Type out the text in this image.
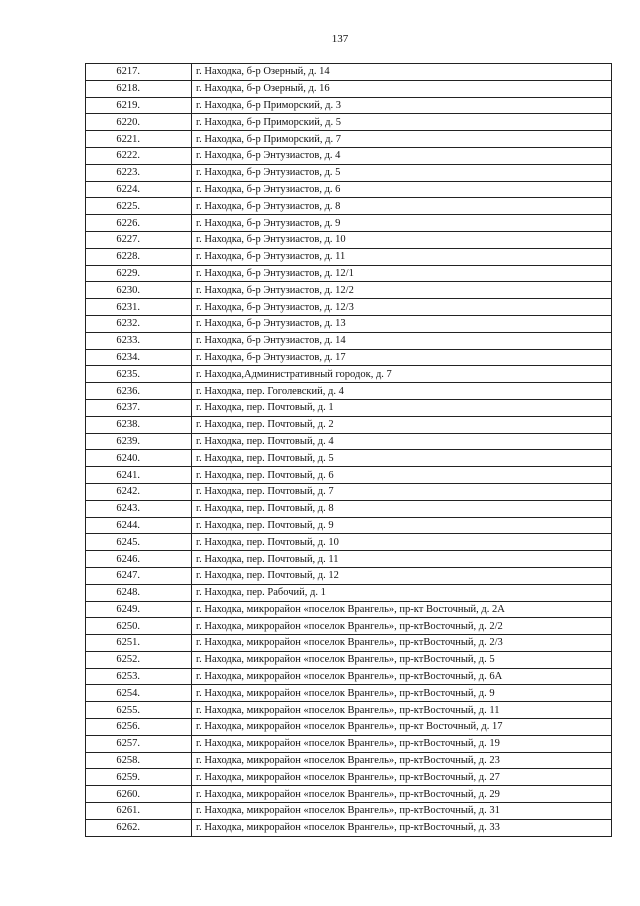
137
6217.	г. Находка, б-р Озерный, д. 14
6218.	г. Находка, б-р Озерный, д. 16
6219.	г. Находка, б-р Приморский, д. 3
6220.	г. Находка, б-р Приморский, д. 5
6221.	г. Находка, б-р Приморский, д. 7
6222.	г. Находка, б-р Энтузиастов, д. 4
6223.	г. Находка, б-р Энтузиастов, д. 5
6224.	г. Находка, б-р Энтузиастов, д. 6
6225.	г. Находка, б-р Энтузиастов, д. 8
6226.	г. Находка, б-р Энтузиастов, д. 9
6227.	г. Находка, б-р Энтузиастов, д. 10
6228.	г. Находка, б-р Энтузиастов, д. 11
6229.	г. Находка, б-р Энтузиастов, д. 12/1
6230.	г. Находка, б-р Энтузиастов, д. 12/2
6231.	г. Находка, б-р Энтузиастов, д. 12/3
6232.	г. Находка, б-р Энтузиастов, д. 13
6233.	г. Находка, б-р Энтузиастов, д. 14
6234.	г. Находка, б-р Энтузиастов, д. 17
6235.	г. Находка,Административный городок, д. 7
6236.	г. Находка, пер. Гоголевский, д. 4
6237.	г. Находка, пер. Почтовый, д. 1
6238.	г. Находка, пер. Почтовый, д. 2
6239.	г. Находка, пер. Почтовый, д. 4
6240.	г. Находка, пер. Почтовый, д. 5
6241.	г. Находка, пер. Почтовый, д. 6
6242.	г. Находка, пер. Почтовый, д. 7
6243.	г. Находка, пер. Почтовый, д. 8
6244.	г. Находка, пер. Почтовый, д. 9
6245.	г. Находка, пер. Почтовый, д. 10
6246.	г. Находка, пер. Почтовый, д. 11
6247.	г. Находка, пер. Почтовый, д. 12
6248.	г. Находка, пер. Рабочий, д. 1
6249.	г. Находка, микрорайон «поселок Врангель», пр-кт Восточный, д. 2А
6250.	г. Находка, микрорайон «поселок Врангель», пр-ктВосточный, д. 2/2
6251.	г. Находка, микрорайон «поселок Врангель», пр-ктВосточный, д. 2/3
6252.	г. Находка, микрорайон «поселок Врангель», пр-ктВосточный, д. 5
6253.	г. Находка, микрорайон «поселок Врангель», пр-ктВосточный, д. 6А
6254.	г. Находка, микрорайон «поселок Врангель», пр-ктВосточный, д. 9
6255.	г. Находка, микрорайон «поселок Врангель», пр-ктВосточный, д. 11
6256.	г. Находка, микрорайон «поселок Врангель», пр-кт Восточный, д. 17
6257.	г. Находка, микрорайон «поселок Врангель», пр-ктВосточный, д. 19
6258.	г. Находка, микрорайон «поселок Врангель», пр-ктВосточный, д. 23
6259.	г. Находка, микрорайон «поселок Врангель», пр-ктВосточный, д. 27
6260.	г. Находка, микрорайон «поселок Врангель», пр-ктВосточный, д. 29
6261.	г. Находка, микрорайон «поселок Врангель», пр-ктВосточный, д. 31
6262.	г. Находка, микрорайон «поселок Врангель», пр-ктВосточный, д. 33
